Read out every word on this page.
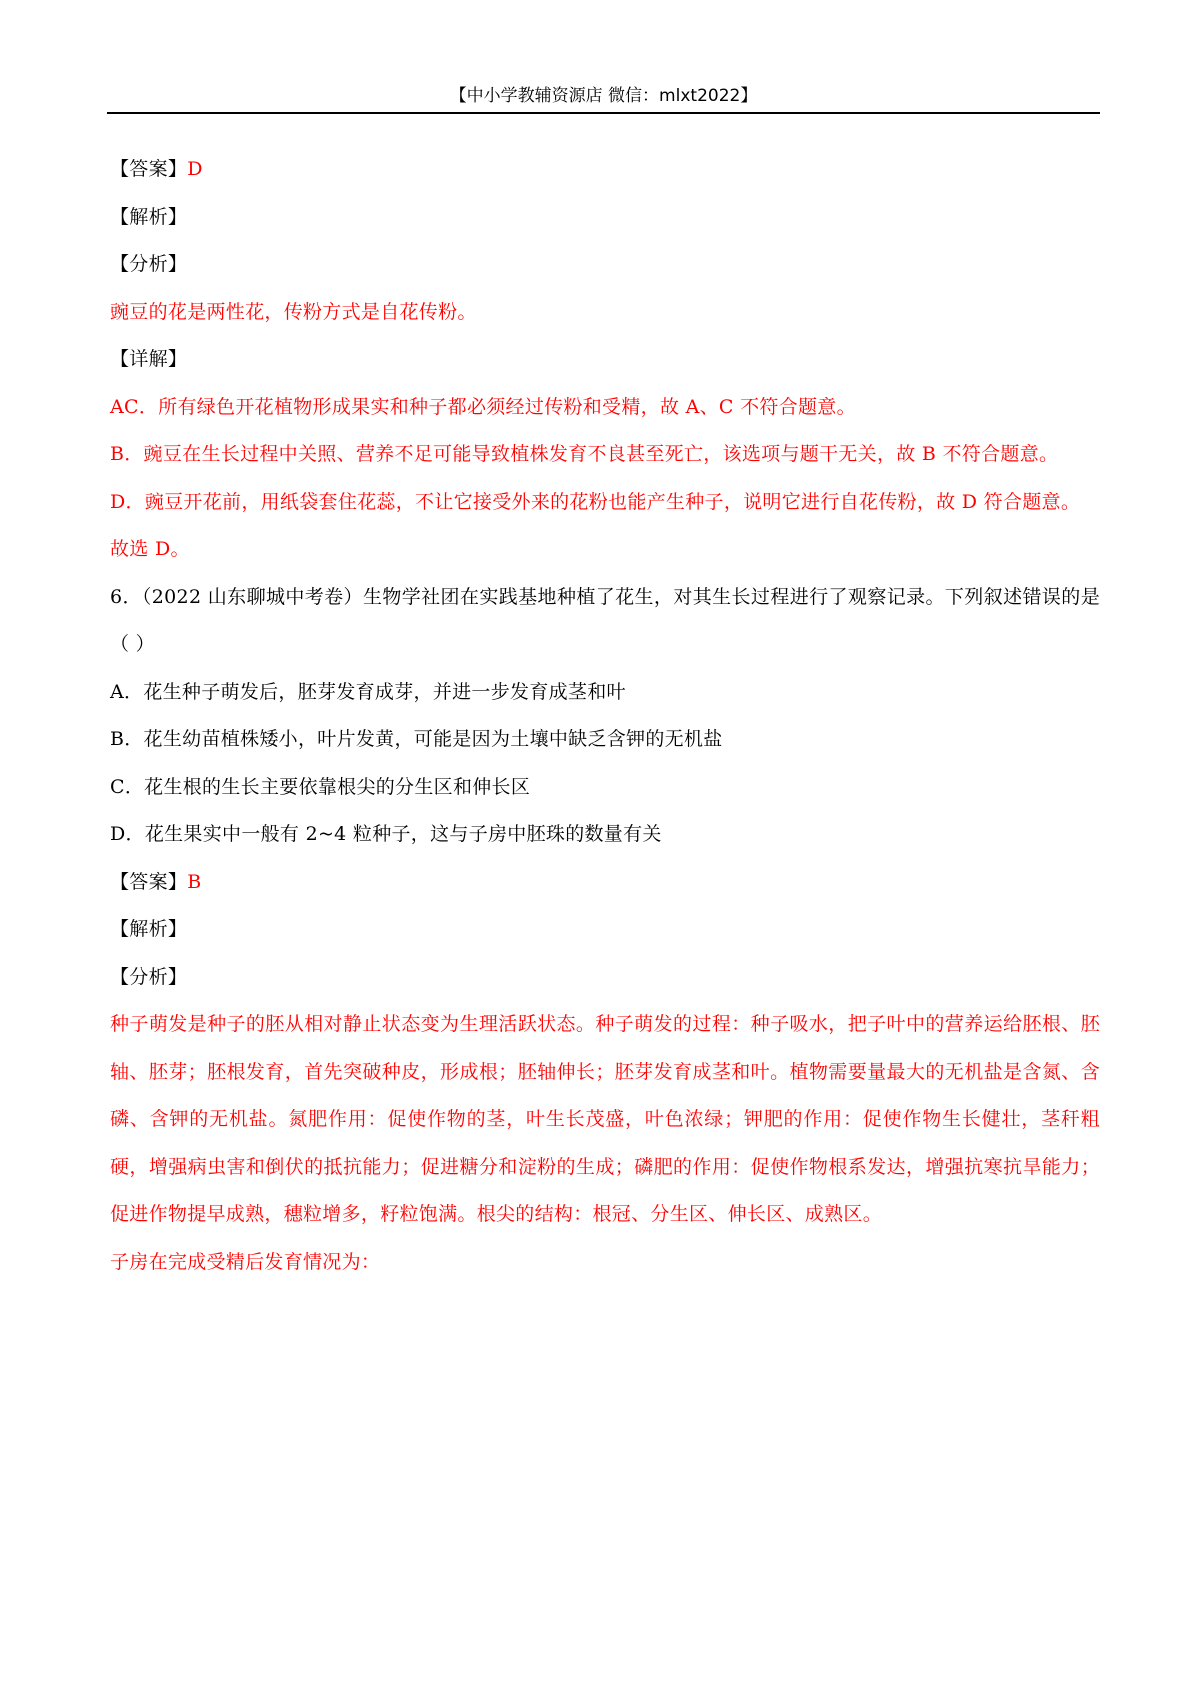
【中小学教辅资源店 微信：mlxt2022】
【答案】D
【解析】
【分析】
豌豆的花是两性花，传粉方式是自花传粉。
【详解】
AC．所有绿色开花植物形成果实和种子都必须经过传粉和受精，故 A、C 不符合题意。
B．豌豆在生长过程中关照、营养不足可能导致植株发育不良甚至死亡，该选项与题干无关，故 B 不符合题意。
D．豌豆开花前，用纸袋套住花蕊，不让它接受外来的花粉也能产生种子，说明它进行自花传粉，故 D 符合题意。
故选 D。
6．（2022 山东聊城中考卷）生物学社团在实践基地种植了花生，对其生长过程进行了观察记录。下列叙述错误的是（ ）
A．花生种子萌发后，胚芽发育成芽，并进一步发育成茎和叶
B．花生幼苗植株矮小，叶片发黄，可能是因为土壤中缺乏含钾的无机盐
C．花生根的生长主要依靠根尖的分生区和伸长区
D．花生果实中一般有 2~4 粒种子，这与子房中胚珠的数量有关
【答案】B
【解析】
【分析】
种子萌发是种子的胚从相对静止状态变为生理活跃状态。种子萌发的过程：种子吸水，把子叶中的营养运给胚根、胚轴、胚芽；胚根发育，首先突破种皮，形成根；胚轴伸长；胚芽发育成茎和叶。植物需要量最大的无机盐是含氮、含磷、含钾的无机盐。氮肥作用：促使作物的茎，叶生长茂盛，叶色浓绿；钾肥的作用：促使作物生长健壮，茎秆粗硬，增强病虫害和倒伏的抵抗能力；促进糖分和淀粉的生成；磷肥的作用：促使作物根系发达，增强抗寒抗旱能力；促进作物提早成熟，穗粒增多，籽粒饱满。根尖的结构：根冠、分生区、伸长区、成熟区。
子房在完成受精后发育情况为：
